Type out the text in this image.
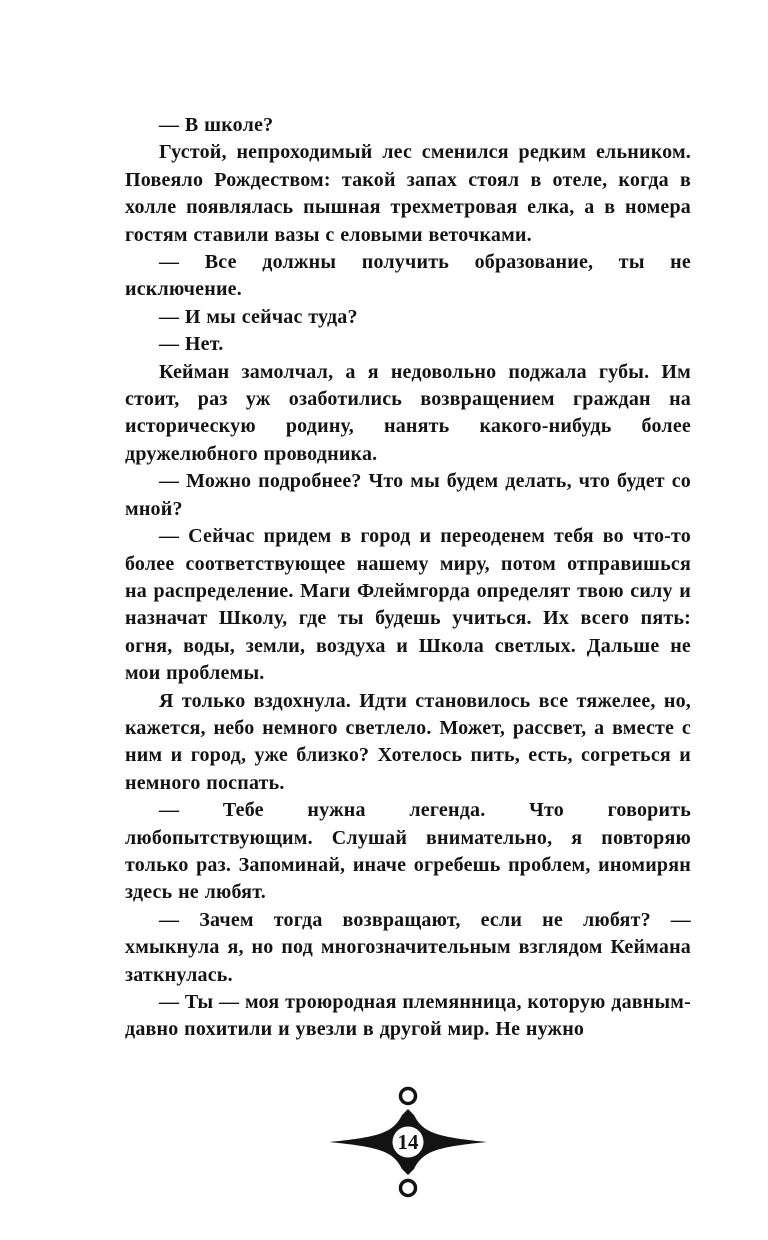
— В школе?

Густой, непроходимый лес сменился редким ельником. Повеяло Рождеством: такой запах стоял в отеле, когда в холле появлялась пышная трехметровая елка, а в номера гостям ставили вазы с еловыми веточками.

— Все должны получить образование, ты не исключение.

— И мы сейчас туда?

— Нет.

Кейман замолчал, а я недовольно поджала губы. Им стоит, раз уж озаботились возвращением граждан на историческую родину, нанять какого-нибудь более дружелюбного проводника.

— Можно подробнее? Что мы будем делать, что будет со мной?

— Сейчас придем в город и переоденем тебя во что-то более соответствующее нашему миру, потом отправишься на распределение. Маги Флеймгорда определят твою силу и назначат Школу, где ты будешь учиться. Их всего пять: огня, воды, земли, воздуха и Школа светлых. Дальше не мои проблемы.

Я только вздохнула. Идти становилось все тяжелее, но, кажется, небо немного светлело. Может, рассвет, а вместе с ним и город, уже близко? Хотелось пить, есть, согреться и немного поспать.

— Тебе нужна легенда. Что говорить любопытствующим. Слушай внимательно, я повторяю только раз. Запоминай, иначе огребешь проблем, иномирян здесь не любят.

— Зачем тогда возвращают, если не любят? — хмыкнула я, но под многозначительным взглядом Кеймана заткнулась.

— Ты — моя троюродная племянница, которую давным-давно похитили и увезли в другой мир. Не нужно

14
